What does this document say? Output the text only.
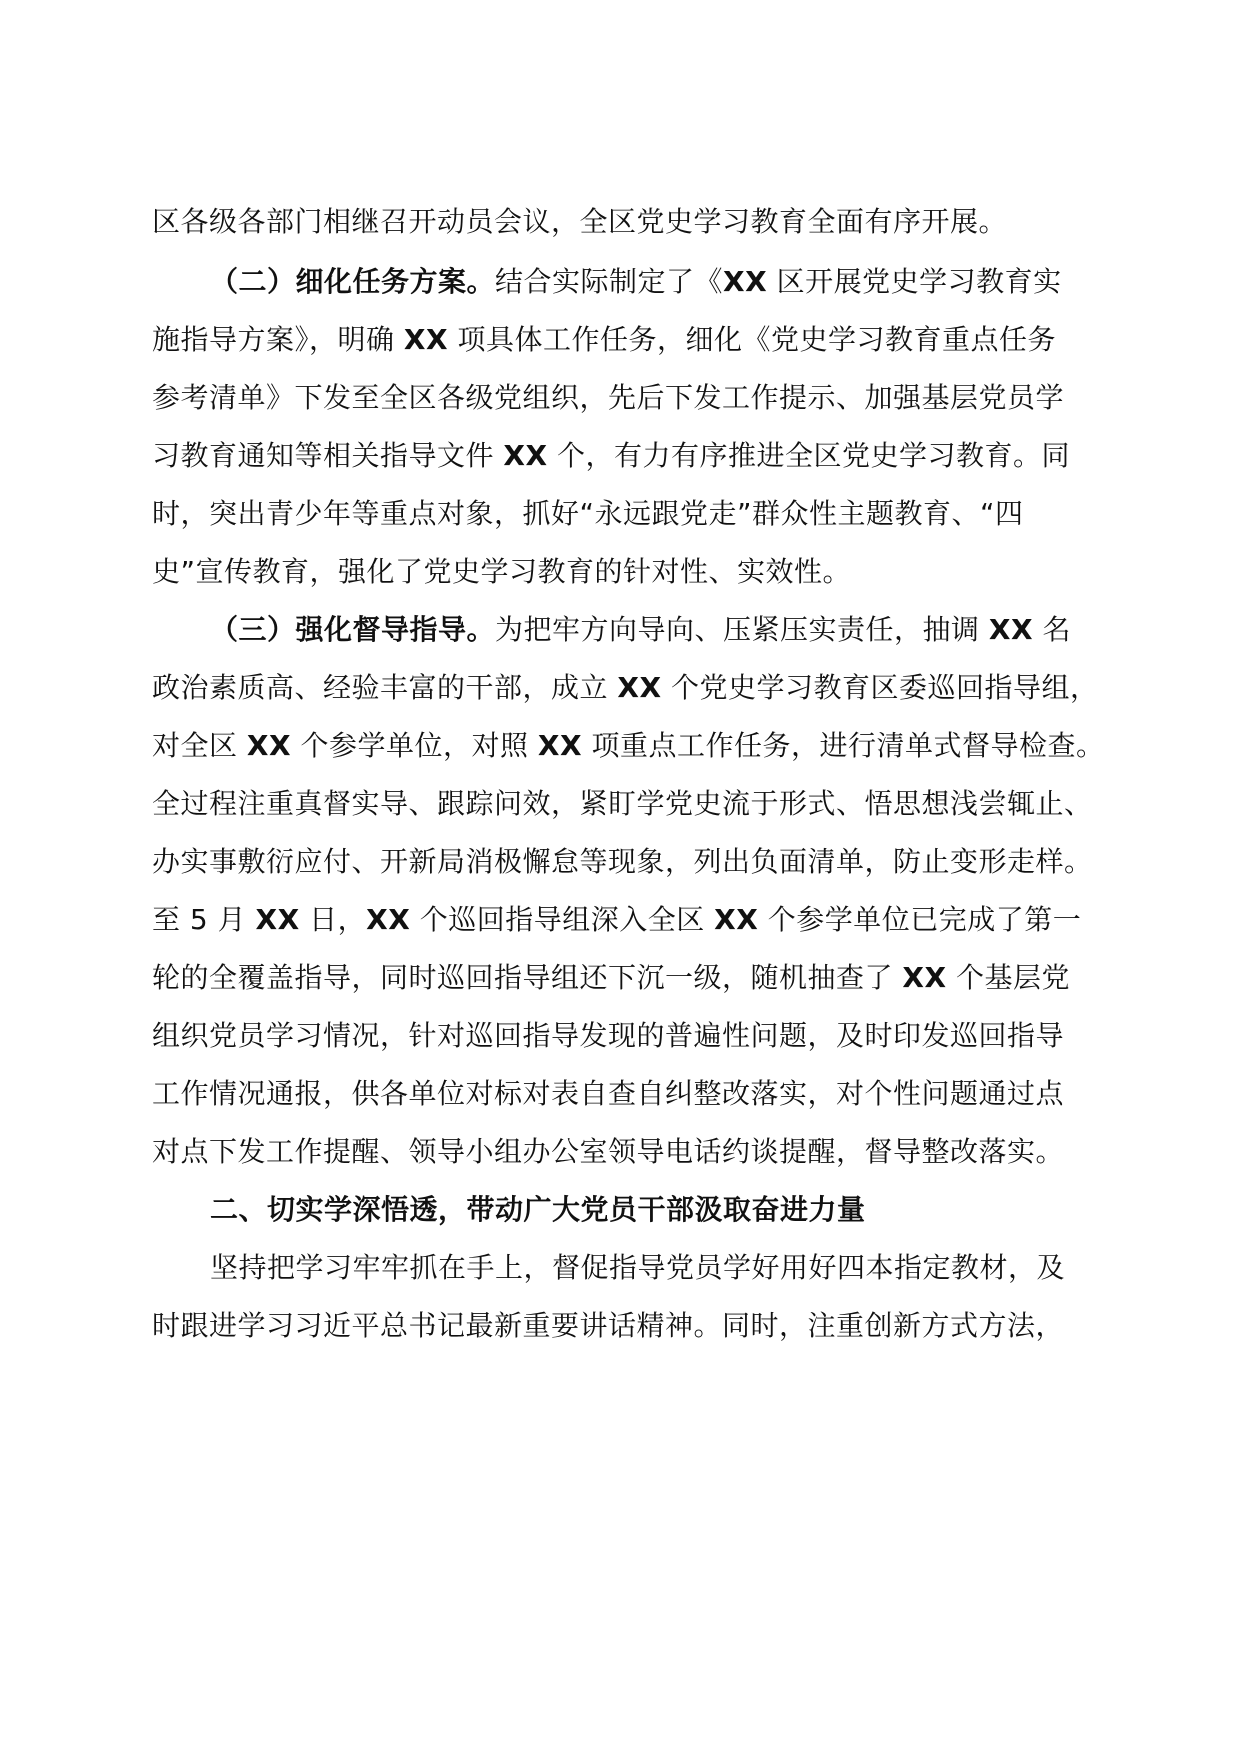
区各级各部门相继召开动员会议，全区党史学习教育全面有序开展。
（二）细化任务方案。结合实际制定了《XX 区开展党史学习教育实
施指导方案》，明确 XX 项具体工作任务，细化《党史学习教育重点任务
参考清单》下发至全区各级党组织，先后下发工作提示、加强基层党员学
习教育通知等相关指导文件 XX 个，有力有序推进全区党史学习教育。同
时，突出青少年等重点对象，抓好“永远跟党走”群众性主题教育、“四
史”宣传教育，强化了党史学习教育的针对性、实效性。
（三）强化督导指导。为把牢方向导向、压紧压实责任，抽调 XX 名
政治素质高、经验丰富的干部，成立 XX 个党史学习教育区委巡回指导组，
对全区 XX 个参学单位，对照 XX 项重点工作任务，进行清单式督导检查。
全过程注重真督实导、跟踪问效，紧盯学党史流于形式、悟思想浅尝辄止、
办实事敷衍应付、开新局消极懈怠等现象，列出负面清单，防止变形走样。
至 5 月 XX 日，XX 个巡回指导组深入全区 XX 个参学单位已完成了第一
轮的全覆盖指导，同时巡回指导组还下沉一级，随机抽查了 XX 个基层党
组织党员学习情况，针对巡回指导发现的普遍性问题，及时印发巡回指导
工作情况通报，供各单位对标对表自查自纠整改落实，对个性问题通过点
对点下发工作提醒、领导小组办公室领导电话约谈提醒，督导整改落实。
二、切实学深悟透，带动广大党员干部汲取奋进力量
坚持把学习牢牢抓在手上，督促指导党员学好用好四本指定教材，及
时跟进学习习近平总书记最新重要讲话精神。同时，注重创新方式方法，
